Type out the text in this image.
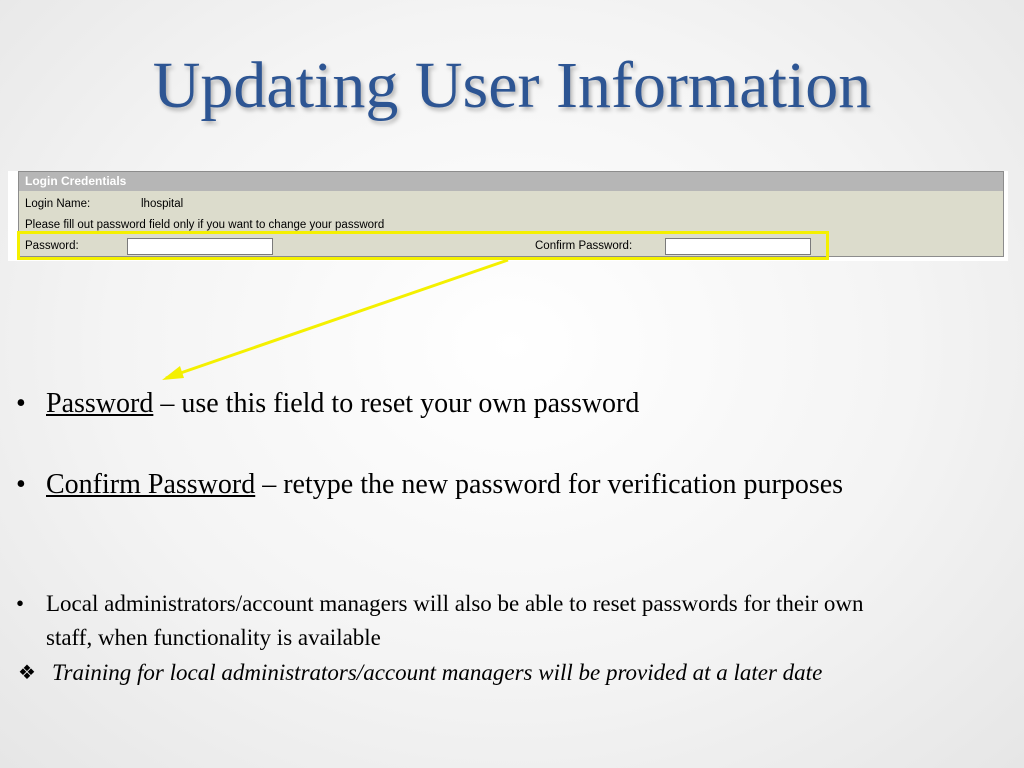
Updating User Information
Login Credentials
Login Name:	lhospital
Please fill out password field only if you want to change your password
Password:	Confirm Password:
• Password – use this field to reset your own password
• Confirm Password – retype the new password for verification purposes
• Local administrators/account managers will also be able to reset passwords for their own staff, when functionality is available
❖ Training for local administrators/account managers will be provided at a later date
